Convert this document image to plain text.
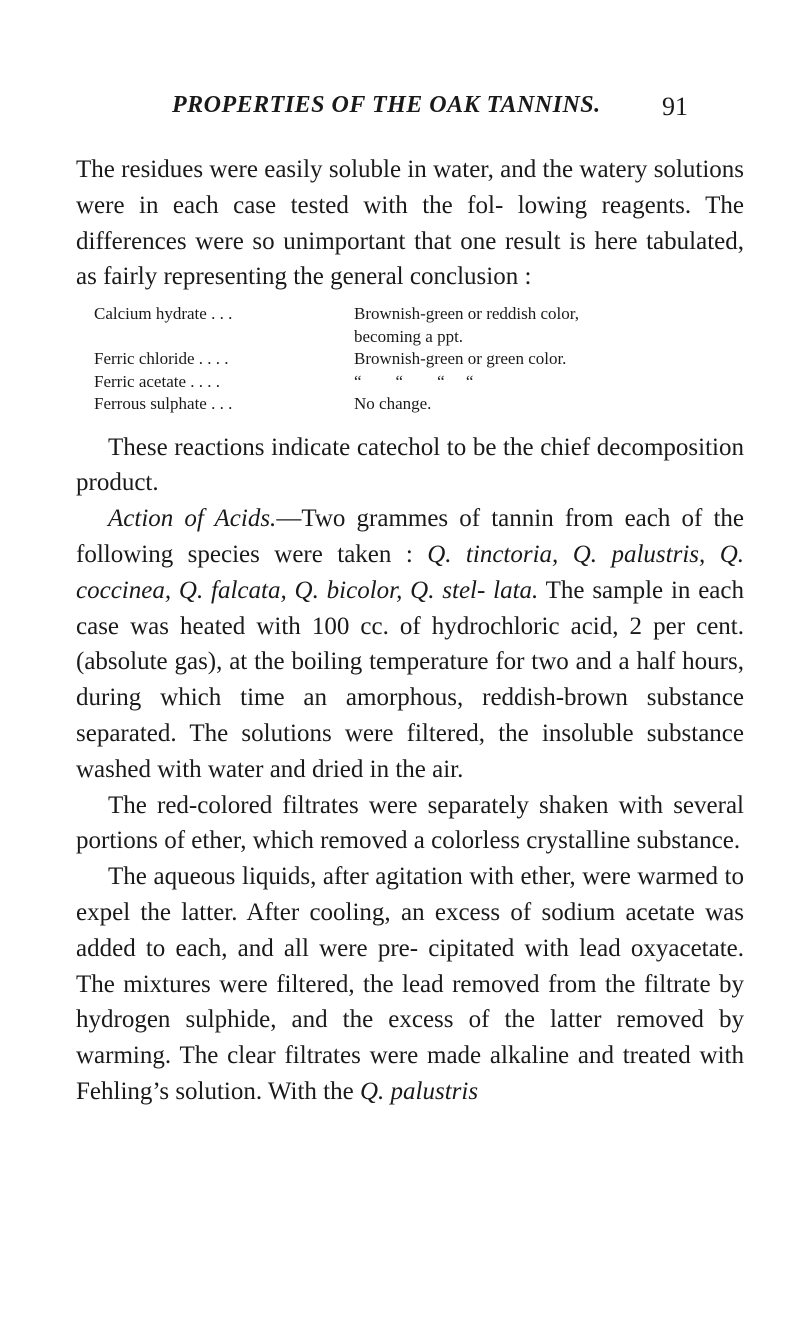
PROPERTIES OF THE OAK TANNINS. 91

The residues were easily soluble in water, and the watery solutions were in each case tested with the fol- lowing reagents. The differences were so unimportant that one result is here tabulated, as fairly representing the general conclusion :

Calcium hydrate . . .	Brownish-green or reddish color,
becoming a ppt.
Ferric chloride . . . .	Brownish-green or green color.
Ferric acetate . . . .	“        “        “     “
Ferrous sulphate . . .	No change.

These reactions indicate catechol to be the chief decomposition product.

Action of Acids.—Two grammes of tannin from each of the following species were taken : Q. tinctoria, Q. palustris, Q. coccinea, Q. falcata, Q. bicolor, Q. stel- lata. The sample in each case was heated with 100 cc. of hydrochloric acid, 2 per cent. (absolute gas), at the boiling temperature for two and a half hours, during which time an amorphous, reddish-brown substance separated. The solutions were filtered, the insoluble substance washed with water and dried in the air.

The red-colored filtrates were separately shaken with several portions of ether, which removed a colorless crystalline substance.

The aqueous liquids, after agitation with ether, were warmed to expel the latter. After cooling, an excess of sodium acetate was added to each, and all were pre- cipitated with lead oxyacetate. The mixtures were filtered, the lead removed from the filtrate by hydrogen sulphide, and the excess of the latter removed by warming. The clear filtrates were made alkaline and treated with Fehling’s solution. With the Q. palustris
